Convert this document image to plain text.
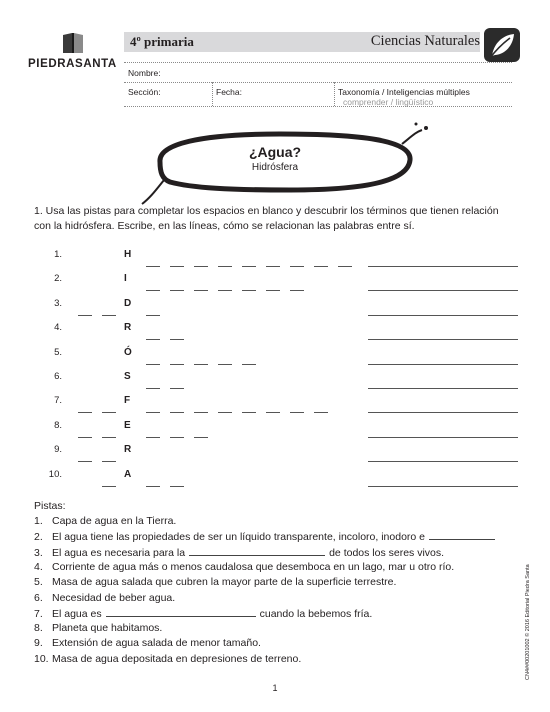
PIEDRASANTA
4º primaria	Ciencias Naturales
Nombre:
Sección:	Fecha:	Taxonomía / Inteligencias múltiples
comprender / lingüístico
¿Agua?
Hidrósfera
1. Usa las pistas para completar los espacios en blanco y descubrir los términos que tienen relación con la hidrósfera. Escribe, en las líneas, cómo se relacionan las palabras entre sí.
1.	H
2.	I
3.	D
4.	R
5.	Ó
6.	S
7.	F
8.	E
9.	R
10.	A
Pistas:
1. Capa de agua en la Tierra.
2. El agua tiene las propiedades de ser un líquido transparente, incoloro, inodoro e
3. El agua es necesaria para la	de todos los seres vivos.
4. Corriente de agua más o menos caudalosa que desemboca en un lago, mar u otro río.
5. Masa de agua salada que cubren la mayor parte de la superficie terrestre.
6. Necesidad de beber agua.
7. El agua es	cuando la bebemos fría.
8. Planeta que habitamos.
9. Extensión de agua salada de menor tamaño.
10. Masa de agua depositada en depresiones de terreno.	CN4##00201002 © 2016 Editorial Piedra Santa
1
